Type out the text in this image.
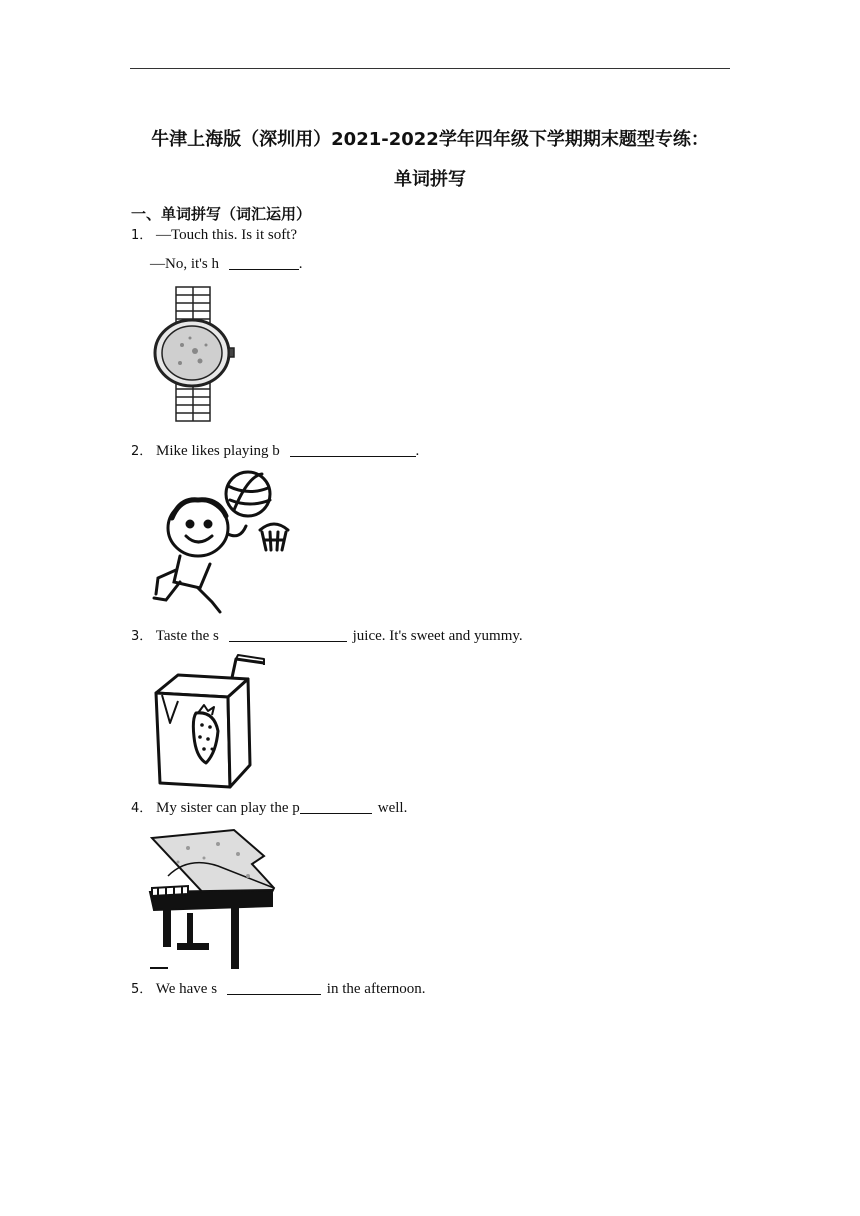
牛津上海版（深圳用）2021-2022学年四年级下学期期末题型专练：
单词拼写
一、单词拼写（词汇运用）
1． —Touch this. Is it soft?
—No, it's h	.
2． Mike likes playing b	.
3． Taste the s	juice. It's sweet and yummy.
4． My sister can play the p	well.
5． We have s	in the afternoon.
